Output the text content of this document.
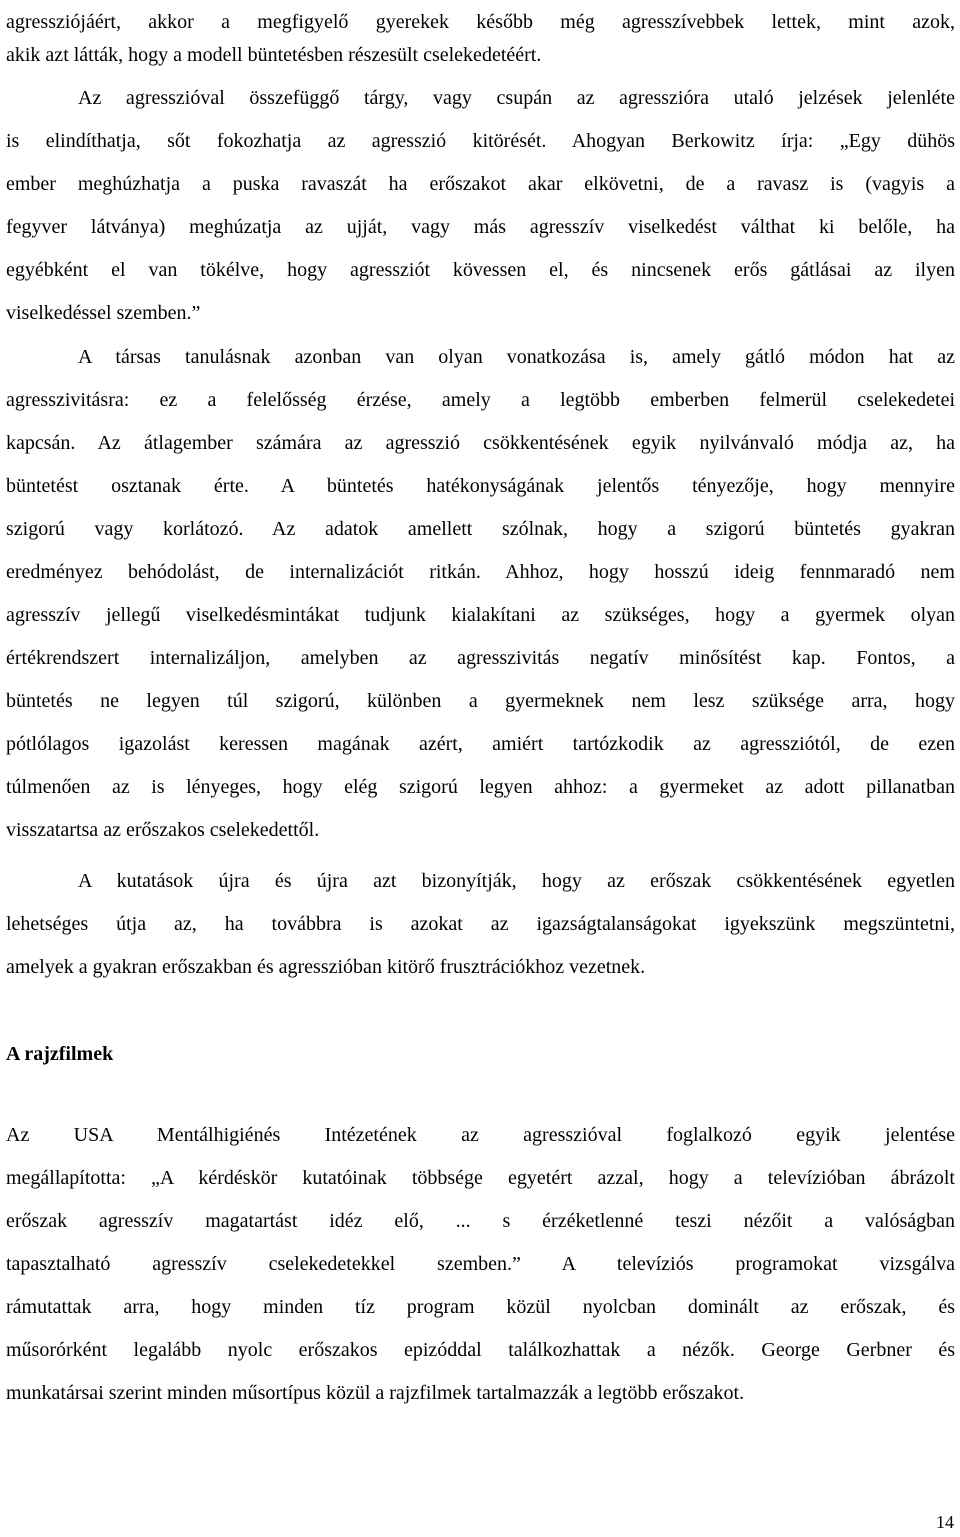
agressziójáért, akkor a megfigyelő gyerekek később még agresszívebbek lettek, mint azok,
akik azt látták, hogy a modell büntetésben részesült cselekedetéért.
Az agresszióval összefüggő tárgy, vagy csupán az agresszióra utaló jelzések jelenléte
is elindíthatja, sőt fokozhatja az agresszió kitörését. Ahogyan Berkowitz írja: „Egy dühös
ember meghúzhatja a puska ravaszát ha erőszakot akar elkövetni, de a ravasz is (vagyis a
fegyver látványa) meghúzatja az ujját, vagy más agresszív viselkedést válthat ki belőle, ha
egyébként el van tökélve, hogy agressziót kövessen el, és nincsenek erős gátlásai az ilyen
viselkedéssel szemben.”
A társas tanulásnak azonban van olyan vonatkozása is, amely gátló módon hat az
agresszivitásra: ez a felelősség érzése, amely a legtöbb emberben felmerül cselekedetei
kapcsán. Az átlagember számára az agresszió csökkentésének egyik nyilvánvaló módja az, ha
büntetést osztanak érte. A büntetés hatékonyságának jelentős tényezője, hogy mennyire
szigorú vagy korlátozó. Az adatok amellett szólnak, hogy a szigorú büntetés gyakran
eredményez behódolást, de internalizációt ritkán. Ahhoz, hogy hosszú ideig fennmaradó nem
agresszív jellegű viselkedésmintákat tudjunk kialakítani az szükséges, hogy a gyermek olyan
értékrendszert internalizáljon, amelyben az agresszivitás negatív minősítést kap. Fontos, a
büntetés ne legyen túl szigorú, különben a gyermeknek nem lesz szüksége arra, hogy
pótlólagos igazolást keressen magának azért, amiért tartózkodik az agressziótól, de ezen
túlmenően az is lényeges, hogy elég szigorú legyen ahhoz: a gyermeket az adott pillanatban
visszatartsa az erőszakos cselekedettől.
A kutatások újra és újra azt bizonyítják, hogy az erőszak csökkentésének egyetlen
lehetséges útja az, ha továbbra is azokat az igazságtalanságokat igyekszünk megszüntetni,
amelyek a gyakran erőszakban és agresszióban kitörő frusztrációkhoz vezetnek.
A rajzfilmek
Az USA Mentálhigiénés Intézetének az agresszióval foglalkozó egyik jelentése
megállapította: „A kérdéskör kutatóinak többsége egyetért azzal, hogy a televízióban ábrázolt
erőszak agresszív magatartást idéz elő, ... s érzéketlenné teszi nézőit a valóságban
tapasztalható agresszív cselekedetekkel szemben.” A televíziós programokat vizsgálva
rámutattak arra, hogy minden tíz program közül nyolcban dominált az erőszak, és
műsorórként legalább nyolc erőszakos epizóddal találkozhattak a nézők. George Gerbner és
munkatársai szerint minden műsortípus közül a rajzfilmek tartalmazzák a legtöbb erőszakot.
14
